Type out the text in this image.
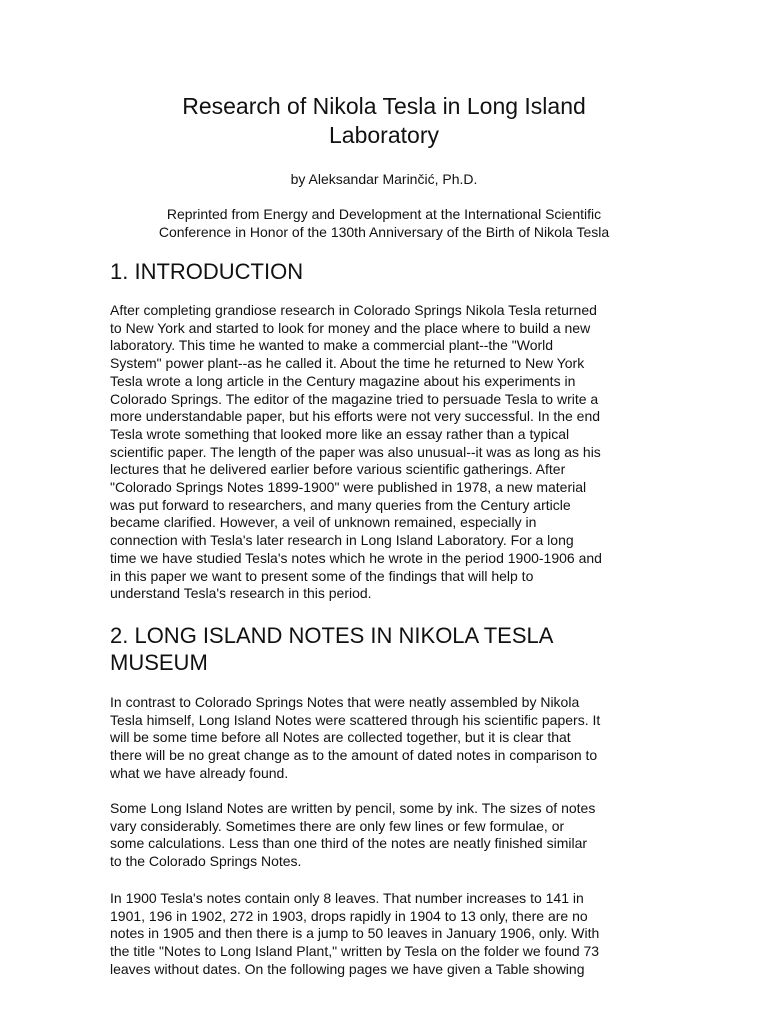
Research of Nikola Tesla in Long Island
Laboratory

by Aleksandar Marinčić, Ph.D.

Reprinted from Energy and Development at the International Scientific
Conference in Honor of the 130th Anniversary of the Birth of Nikola Tesla

1. INTRODUCTION
After completing grandiose research in Colorado Springs Nikola Tesla returned
to New York and started to look for money and the place where to build a new
laboratory. This time he wanted to make a commercial plant--the "World
System" power plant--as he called it. About the time he returned to New York
Tesla wrote a long article in the Century magazine about his experiments in
Colorado Springs. The editor of the magazine tried to persuade Tesla to write a
more understandable paper, but his efforts were not very successful. In the end
Tesla wrote something that looked more like an essay rather than a typical
scientific paper. The length of the paper was also unusual--it was as long as his
lectures that he delivered earlier before various scientific gatherings. After
"Colorado Springs Notes 1899-1900" were published in 1978, a new material
was put forward to researchers, and many queries from the Century article
became clarified. However, a veil of unknown remained, especially in
connection with Tesla's later research in Long Island Laboratory. For a long
time we have studied Tesla's notes which he wrote in the period 1900-1906 and
in this paper we want to present some of the findings that will help to
understand Tesla's research in this period.
2. LONG ISLAND NOTES IN NIKOLA TESLA
MUSEUM
In contrast to Colorado Springs Notes that were neatly assembled by Nikola
Tesla himself, Long Island Notes were scattered through his scientific papers. It
will be some time before all Notes are collected together, but it is clear that
there will be no great change as to the amount of dated notes in comparison to
what we have already found.
Some Long Island Notes are written by pencil, some by ink. The sizes of notes
vary considerably. Sometimes there are only few lines or few formulae, or
some calculations. Less than one third of the notes are neatly finished similar
to the Colorado Springs Notes.
In 1900 Tesla's notes contain only 8 leaves. That number increases to 141 in
1901, 196 in 1902, 272 in 1903, drops rapidly in 1904 to 13 only, there are no
notes in 1905 and then there is a jump to 50 leaves in January 1906, only. With
the title "Notes to Long Island Plant," written by Tesla on the folder we found 73
leaves without dates. On the following pages we have given a Table showing
